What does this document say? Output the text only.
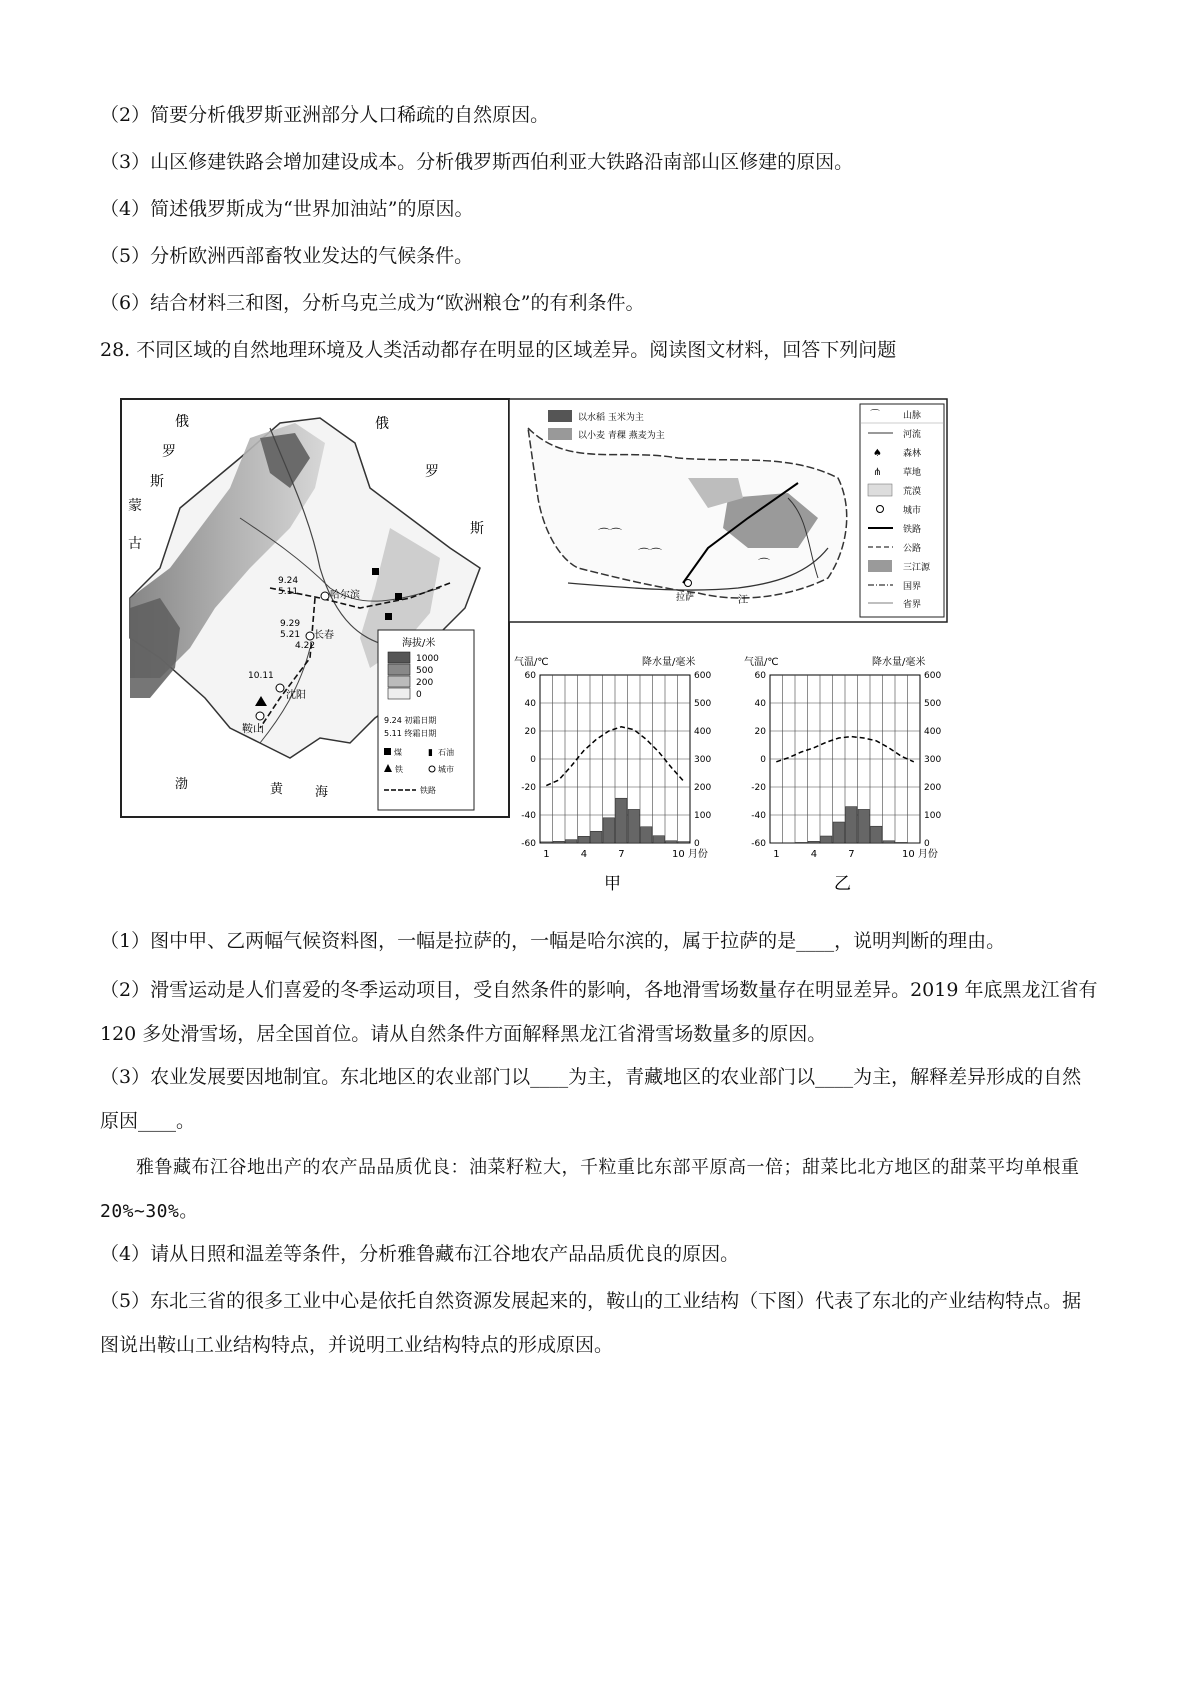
（2）简要分析俄罗斯亚洲部分人口稀疏的自然原因。
（3）山区修建铁路会增加建设成本。分析俄罗斯西伯利亚大铁路沿南部山区修建的原因。
（4）简述俄罗斯成为“世界加油站”的原因。
（5）分析欧洲西部畜牧业发达的气候条件。
（6）结合材料三和图，分析乌克兰成为“欧洲粮仓”的有利条件。
28. 不同区域的自然地理环境及人类活动都存在明显的区域差异。阅读图文材料，回答下列问题
俄
罗
斯
蒙
古
俄
罗
斯
渤	黄 海
哈尔滨
长春
沈阳
鞍山
9.24
5.11
9.29
5.21
10.11
4.22	海拔/米
1000
500
200
0
9.24 初霜日期
5.11 终霜日期
煤	▮ 石油
铁	城市
铁路
以水稻 玉米为主
以小麦 青稞 燕麦为主
⌒⌒
⌒⌒
⌒
拉萨	江
山脉
⌒
河流
森林
♠
草地
⋔
荒漠
城市
铁路
公路
三江源
国界
省界
气温/℃	降水量/毫米
60
40
20
0
-20
-40
-60
600
500
400
300
200
100
0
1	4	7	10 月份
甲
气温/℃	降水量/毫米
60
40
20
0
-20
-40
-60
600
500
400
300
200
100
0
1	4	7	10 月份
乙
（1）图中甲、乙两幅气候资料图，一幅是拉萨的，一幅是哈尔滨的，属于拉萨的是____，说明判断的理由。
（2）滑雪运动是人们喜爱的冬季运动项目，受自然条件的影响，各地滑雪场数量存在明显差异。2019 年底黑龙江省有 120 多处滑雪场，居全国首位。请从自然条件方面解释黑龙江省滑雪场数量多的原因。
（3）农业发展要因地制宜。东北地区的农业部门以____为主，青藏地区的农业部门以____为主，解释差异形成的自然原因____。
雅鲁藏布江谷地出产的农产品品质优良：油菜籽粒大，千粒重比东部平原高一倍；甜菜比北方地区的甜菜平均单根重 20%~30%。
（4）请从日照和温差等条件，分析雅鲁藏布江谷地农产品品质优良的原因。
（5）东北三省的很多工业中心是依托自然资源发展起来的，鞍山的工业结构（下图）代表了东北的产业结构特点。据图说出鞍山工业结构特点，并说明工业结构特点的形成原因。
